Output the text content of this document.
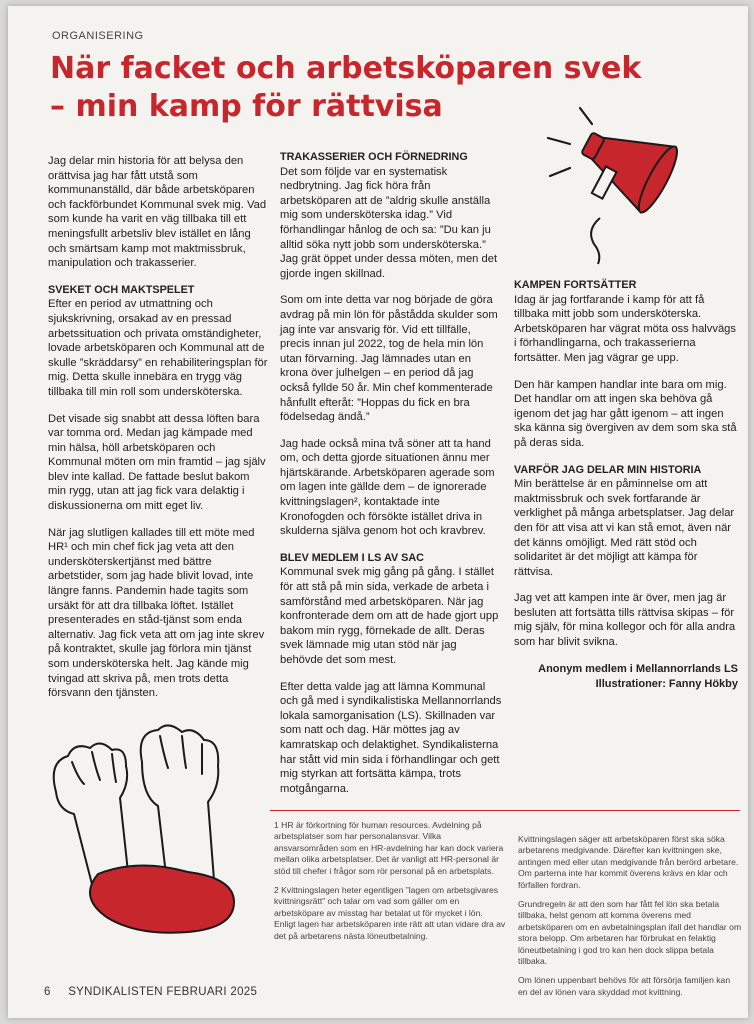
ORGANISERING
När facket och arbetsköparen svek
– min kamp för rättvisa

Jag delar min historia för att belysa den orättvisa jag har fått utstå som kommunanställd, där både arbetsköparen och fackförbundet Kommunal svek mig. Vad som kunde ha varit en väg tillbaka till ett meningsfullt arbetsliv blev istället en lång och smärtsam kamp mot maktmissbruk, manipulation och trakasserier.

SVEKET OCH MAKTSPELET

Efter en period av utmattning och sjukskrivning, orsakad av en pressad arbetssituation och privata omständigheter, lovade arbetsköparen och Kommunal att de skulle ”skräddarsy” en rehabiliteringsplan för mig. Detta skulle innebära en trygg väg tillbaka till min roll som undersköterska.

Det visade sig snabbt att dessa löften bara var tomma ord. Medan jag kämpade med min hälsa, höll arbetsköparen och Kommunal möten om min framtid – jag själv blev inte kallad. De fattade beslut bakom min rygg, utan att jag fick vara delaktig i diskussionerna om mitt eget liv.

När jag slutligen kallades till ett möte med HR¹ och min chef fick jag veta att den undersköterskertjänst med bättre arbetstider, som jag hade blivit lovad, inte längre fanns. Pandemin hade tagits som ursäkt för att dra tillbaka löftet. Istället presenterades en ståd-tjänst som enda alternativ. Jag fick veta att om jag inte skrev på kontraktet, skulle jag förlora min tjänst som undersköterska helt. Jag kände mig tvingad att skriva på, men trots detta försvann den tjänsten.

TRAKASSERIER OCH FÖRNEDRING

Det som följde var en systematisk nedbrytning. Jag fick höra från arbetsköparen att de ”aldrig skulle anställa mig som undersköterska idag.” Vid förhandlingar hånlog de och sa: ”Du kan ju alltid söka nytt jobb som undersköterska.” Jag grät öppet under dessa möten, men det gjorde ingen skillnad.

Som om inte detta var nog började de göra avdrag på min lön för påstådda skulder som jag inte var ansvarig för. Vid ett tillfälle, precis innan jul 2022, tog de hela min lön utan förvarning. Jag lämnades utan en krona över julhelgen – en period då jag också fyllde 50 år. Min chef kommenterade hånfullt efteråt: ”Hoppas du fick en bra födelsedag ändå.”

Jag hade också mina två söner att ta hand om, och detta gjorde situationen ännu mer hjärtskärande. Arbetsköparen agerade som om lagen inte gällde dem – de ignorerade kvittningslagen², kontaktade inte Kronofogden och försökte istället driva in skulderna själva genom hot och kravbrev.

BLEV MEDLEM I LS AV SAC

Kommunal svek mig gång på gång. I stället för att stå på min sida, verkade de arbeta i samförstånd med arbetsköparen. När jag konfronterade dem om att de hade gjort upp bakom min rygg, förnekade de allt. Deras svek lämnade mig utan stöd när jag behövde det som mest.

Efter detta valde jag att lämna Kommunal och gå med i syndikalistiska Mellannorrlands lokala samorganisation (LS). Skillnaden var som natt och dag. Här möttes jag av kamratskap och delaktighet. Syndikalisterna har stått vid min sida i förhandlingar och gett mig styrkan att fortsätta kämpa, trots motgångarna.

KAMPEN FORTSÄTTER

Idag är jag fortfarande i kamp för att få tillbaka mitt jobb som undersköterska. Arbetsköparen har vägrat möta oss halvvägs i förhandlingarna, och trakasserierna fortsätter. Men jag vägrar ge upp.

Den här kampen handlar inte bara om mig. Det handlar om att ingen ska behöva gå igenom det jag har gått igenom – att ingen ska känna sig övergiven av dem som ska stå på deras sida.

VARFÖR JAG DELAR MIN HISTORIA

Min berättelse är en påminnelse om att maktmissbruk och svek fortfarande är verklighet på många arbetsplatser. Jag delar den för att visa att vi kan stå emot, även när det känns omöjligt. Med rätt stöd och solidaritet är det möjligt att kämpa för rättvisa.

Jag vet att kampen inte är över, men jag är besluten att fortsätta tills rättvisa skipas – för mig själv, för mina kollegor och för alla andra som har blivit svikna.

Anonym medlem i Mellannorrlands LS
Illustrationer: Fanny Hökby

1 HR är förkortning för human resources. Avdelning på arbetsplatser som har personalansvar. Vilka ansvarsområden som en HR-avdelning har kan dock variera mellan olika arbetsplatser. Det är vanligt att HR-personal är stöd till chefer i frågor som rör personal på en arbetsplats.

2 Kvittningslagen heter egentligen ”lagen om arbetsgivares kvittningsrätt” och talar om vad som gäller om en arbetsköpare av misstag har betalat ut för mycket i lön. Enligt lagen har arbetsköparen inte rätt att utan vidare dra av det på arbetarens nästa löneutbetalning.

Kvittningslagen säger att arbetsköparen först ska söka arbetarens medgivande. Därefter kan kvittningen ske, antingen med eller utan medgivande från berörd arbetare. Om parterna inte har kommit överens krävs en klar och förfallen fordran.

Grundregeln är att den som har fått fel lön ska betala tillbaka, helst genom att komma överens med arbetsköparen om en avbetalningsplan ifall det handlar om stora belopp. Om arbetaren har förbrukat en felaktig löneutbetalning i god tro kan hen dock slippa betala tillbaka.

Om lönen uppenbart behövs för att försörja familjen kan en del av lönen vara skyddad mot kvittning.

6 SYNDIKALISTEN FEBRUARI 2025
